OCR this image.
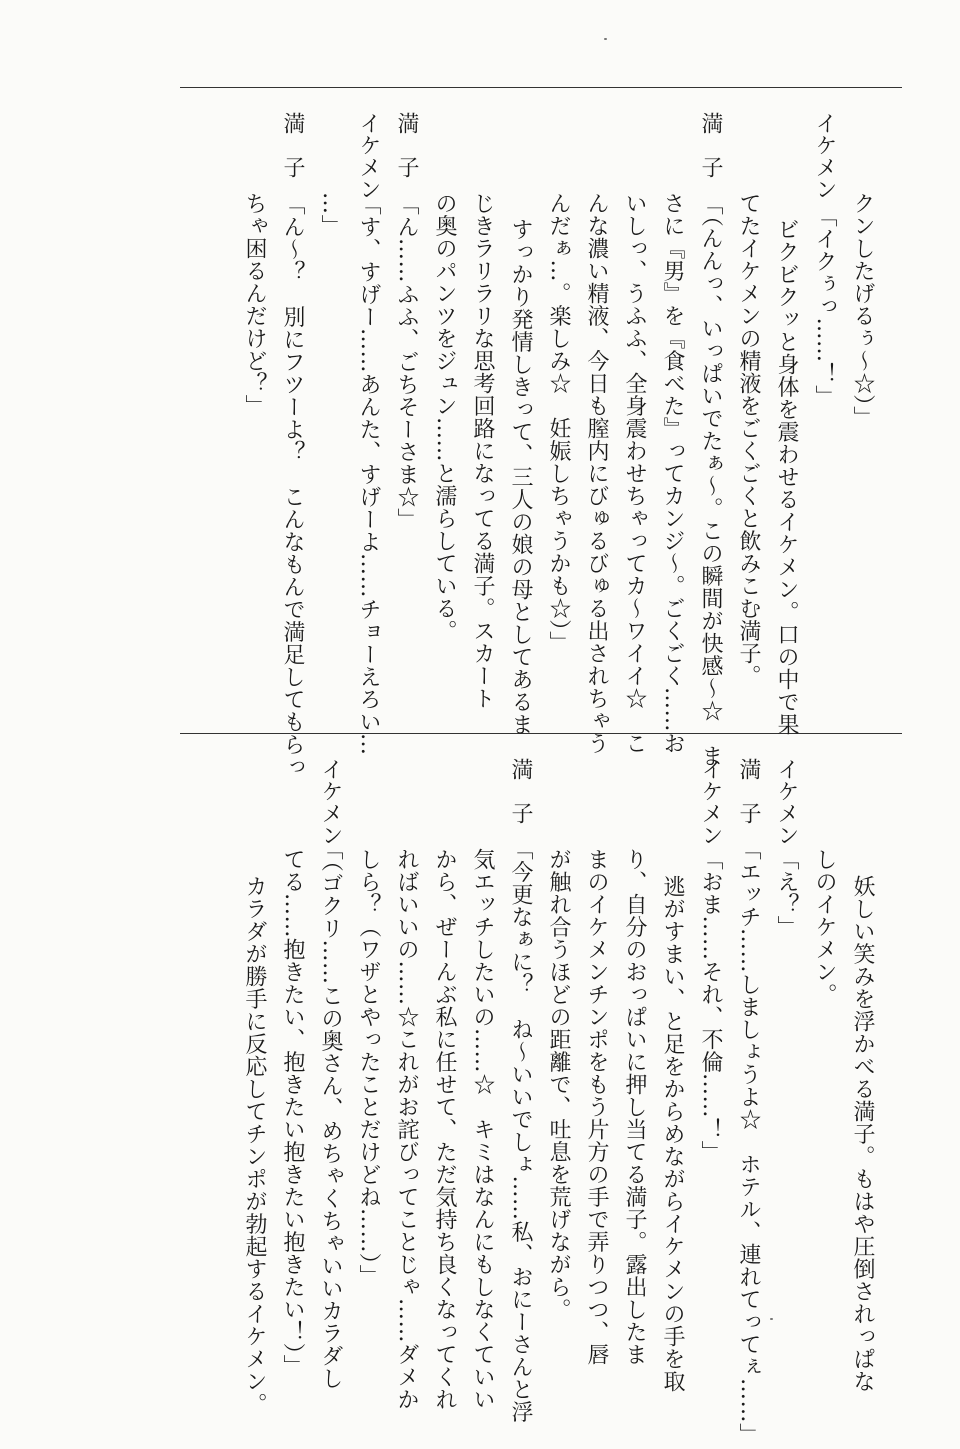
クンしたげるぅ〜☆）」
イケメン
「イクぅっ……！」
ビクビクッと身体を震わせるイケメン。口の中で果
てたイケメンの精液をごくごくと飲みこむ満子。
満　子
「（んんっ、いっぱいでたぁ〜。この瞬間が快感〜☆　ま
さに『男』を『食べた』ってカンジ〜。ごくごく……お
いしっ、うふふ、全身震わせちゃってカ〜ワイイ☆　こ
んな濃い精液、今日も膣内にびゅるびゅる出されちゃう
んだぁ…。楽しみ☆　妊娠しちゃうかも☆）」
すっかり発情しきって、三人の娘の母としてあるま
じきラリラリな思考回路になってる満子。スカート
の奥のパンツをジュン……と濡らしている。
満　子
「ん……ふふ、ごちそーさま☆」
イケメン
「す、すげー……あんた、すげーよ……チョーえろい…
…」
満　子
「ん〜？　別にフツーよ？　こんなもんで満足してもらっ
ちゃ困るんだけど？」
妖しい笑みを浮かべる満子。もはや圧倒されっぱな
しのイケメン。
イケメン
「え？」
満　子
「エッチ……しましょうよ☆　ホテル、連れてってぇ……」
イケメン
「おま……それ、不倫……！」
逃がすまい、と足をからめながらイケメンの手を取
り、自分のおっぱいに押し当てる満子。露出したま
まのイケメンチンポをもう片方の手で弄りつつ、唇
が触れ合うほどの距離で、吐息を荒げながら。
満　子
「今更なぁに？　ね〜いいでしょ……私、おにーさんと浮
気エッチしたいの……☆　キミはなんにもしなくていい
から、ぜーんぶ私に任せて、ただ気持ち良くなってくれ
ればいいの……☆これがお詫びってことじゃ……ダメか
しら？（ワザとやったことだけどね……）」
イケメン
「（ゴクリ……この奥さん、めちゃくちゃいいカラダし
てる……抱きたい、抱きたい抱きたい抱きたい！）」
カラダが勝手に反応してチンポが勃起するイケメン。
